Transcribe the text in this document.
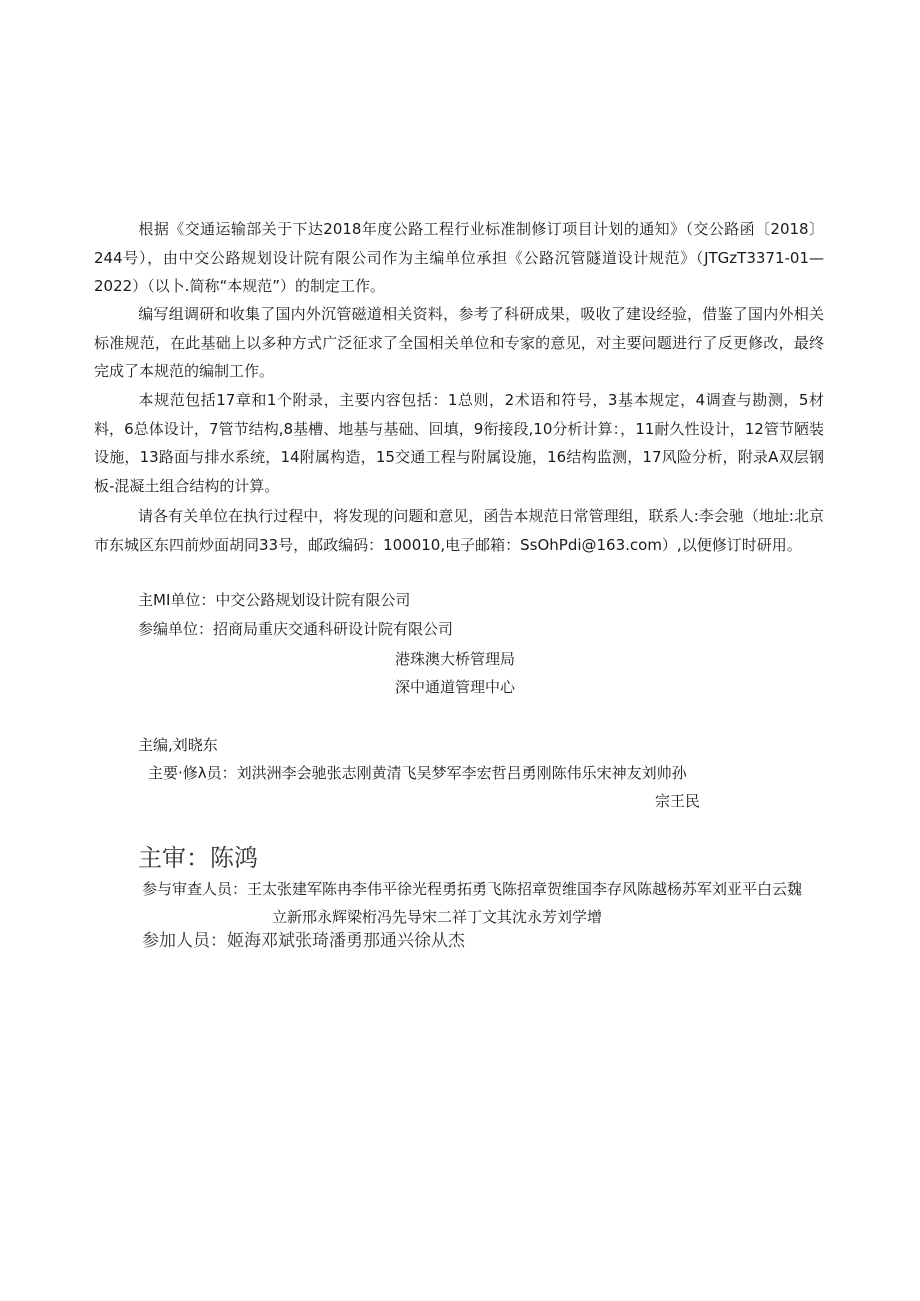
根据《交通运输部关于下达2018年度公路工程行业标准制修订项目计划的通知》（交公路函〔2018〕244号），由中交公路规划设计院有限公司作为主编单位承担《公路沉管隧道设计规范》（JTGzT3371-01—2022）（以卜.简称“本规范”）的制定工作。

编写组调研和收集了国内外沉管磁道相关资料，参考了科研成果，吸收了建设经验，借鉴了国内外相关标准规范，在此基础上以多种方式广泛征求了全国相关单位和专家的意见，对主要问题进行了反更修改，最终完成了本规范的编制工作。

本规范包括17章和1个附录，主要内容包括：1总则，2术语和符号，3基本规定，4调查与勘测，5材料，6总体设计，7管节结构,8基槽、地基与基础、回填，9衔接段,10分析计算：，11耐久性设计，12管节陋装设施，13路面与排水系统，14附属构造，15交通工程与附属设施，16结构监测，17风险分析，附录A双层钢板-混凝土组合结构的计算。

请各有关单位在执行过程中，将发现的问题和意见，函告本规范日常管理组，联系人:李会驰（地址:北京市东城区东四前炒面胡同33号，邮政编码：100010,电子邮箱：SsOhPdi@163.com）,以便修订时研用。

主MI单位：中交公路规划设计院有限公司
参编单位：招商局重庆交通科研设计院有限公司
港珠澳大桥管理局
深中通道管理中心
主编,刘晓东
主要·修λ员：刘洪洲李会驰张志刚黄清飞吴梦军李宏哲吕勇刚陈伟乐宋神友刘帅孙
宗王民
主审：陈鸿
参与审查人员：王太张建军陈冉李伟平徐光程勇拓勇飞陈招章贺维国李存风陈越杨苏军刘亚平白云魏
立新邢永辉梁桁冯先导宋二祥丁文其沈永芳刘学增
参加人员：姬海邓斌张琦潘勇那通兴徐从杰
